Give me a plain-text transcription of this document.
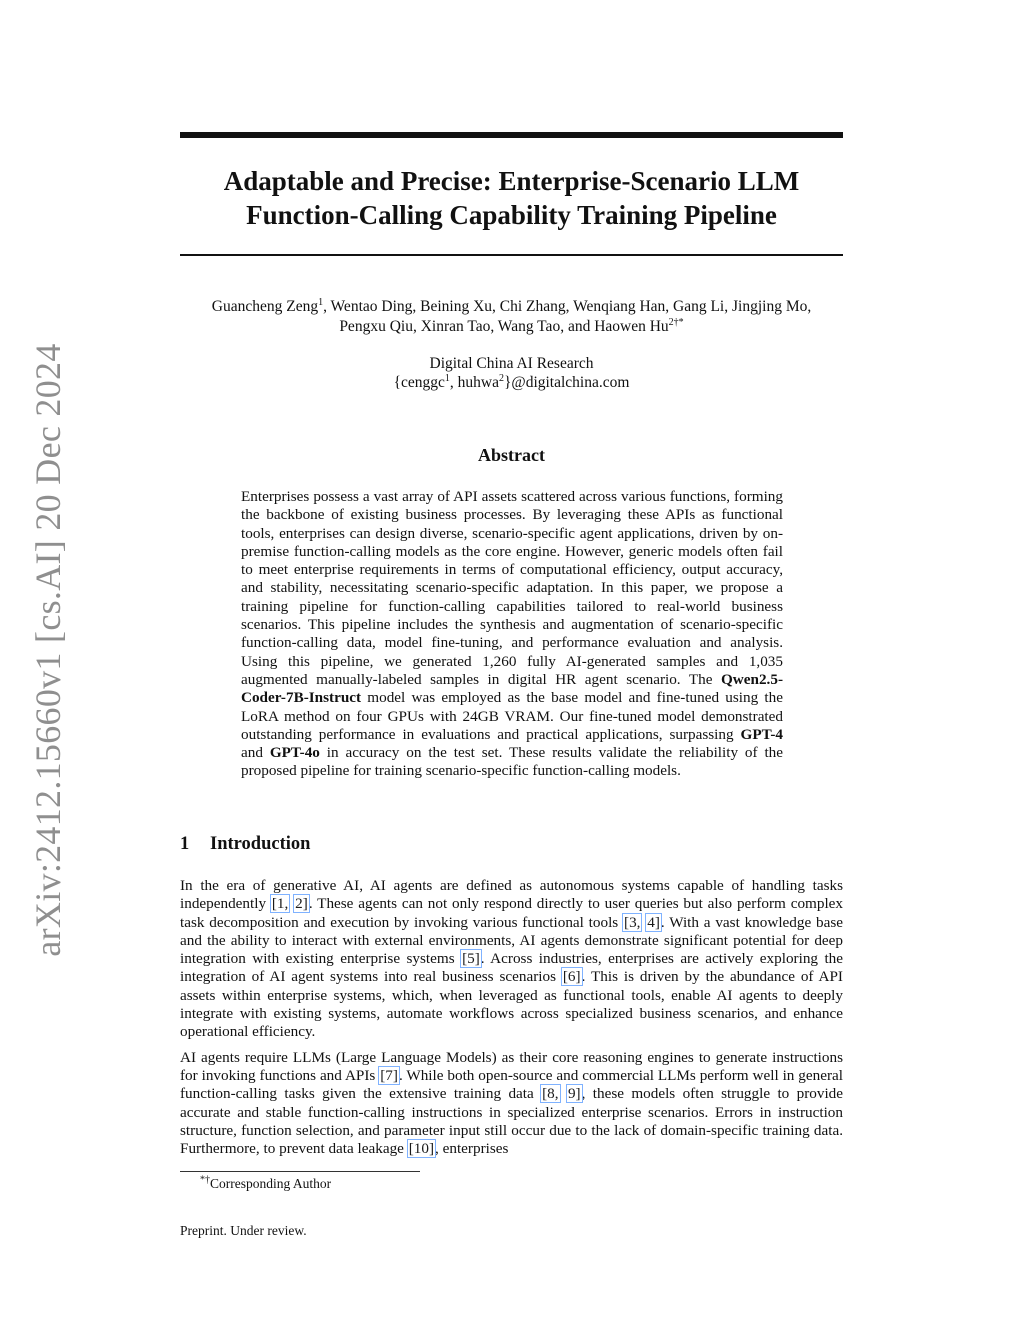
arXiv:2412.15660v1 [cs.AI] 20 Dec 2024
Adaptable and Precise: Enterprise-Scenario LLM
Function-Calling Capability Training Pipeline
Guancheng Zeng$^1$, Wentao Ding, Beining Xu, Chi Zhang, Wenqiang Han, Gang Li, Jingjing Mo,
Pengxu Qiu, Xinran Tao, Wang Tao, and Haowen $Hu^{2\dagger*}$
Digital China AI Research
{cenggc$^1$, huhwa$^2$}@digitalchina.com
Abstract

Enterprises possess a vast array of API assets scattered across various functions, forming the backbone of existing business processes. By leveraging these APIs as functional tools, enterprises can design diverse, scenario-specific agent applications, driven by on-premise function-calling models as the core engine. However, generic models often fail to meet enterprise requirements in terms of computational efficiency, output accuracy, and stability, necessitating scenario-specific adaptation. In this paper, we propose a training pipeline for function-calling capabilities tailored to real-world business scenarios. This pipeline includes the synthesis and augmentation of scenario-specific function-calling data, model fine-tuning, and performance evaluation and analysis. Using this pipeline, we generated 1,260 fully AI-generated samples and 1,035 augmented manually-labeled samples in digital HR agent scenario. The Qwen2.5-Coder-7B-Instruct model was employed as the base model and fine-tuned using the LoRA method on four GPUs with 24GB VRAM. Our fine-tuned model demonstrated outstanding performance in evaluations and practical applications, surpassing GPT-4 and GPT-4o in accuracy on the test set. These results validate the reliability of the proposed pipeline for training scenario-specific function-calling models.

1 Introduction

In the era of generative AI, AI agents are defined as autonomous systems capable of handling tasks independently [1, 2]. These agents can not only respond directly to user queries but also perform complex task decomposition and execution by invoking various functional tools [3, 4]. With a vast knowledge base and the ability to interact with external environments, AI agents demonstrate significant potential for deep integration with existing enterprise systems [5]. Across industries, enterprises are actively exploring the integration of AI agent systems into real business scenarios [6]. This is driven by the abundance of API assets within enterprise systems, which, when leveraged as functional tools, enable AI agents to deeply integrate with existing systems, automate workflows across specialized business scenarios, and enhance operational efficiency.

AI agents require LLMs (Large Language Models) as their core reasoning engines to generate instructions for invoking functions and APIs [7]. While both open-source and commercial LLMs perform well in general function-calling tasks given the extensive training data [8, 9], these models often struggle to provide accurate and stable function-calling instructions in specialized enterprise scenarios. Errors in instruction structure, function selection, and parameter input still occur due to the lack of domain-specific training data. Furthermore, to prevent data leakage [10], enterprises

*†Corresponding Author
Preprint. Under review.
